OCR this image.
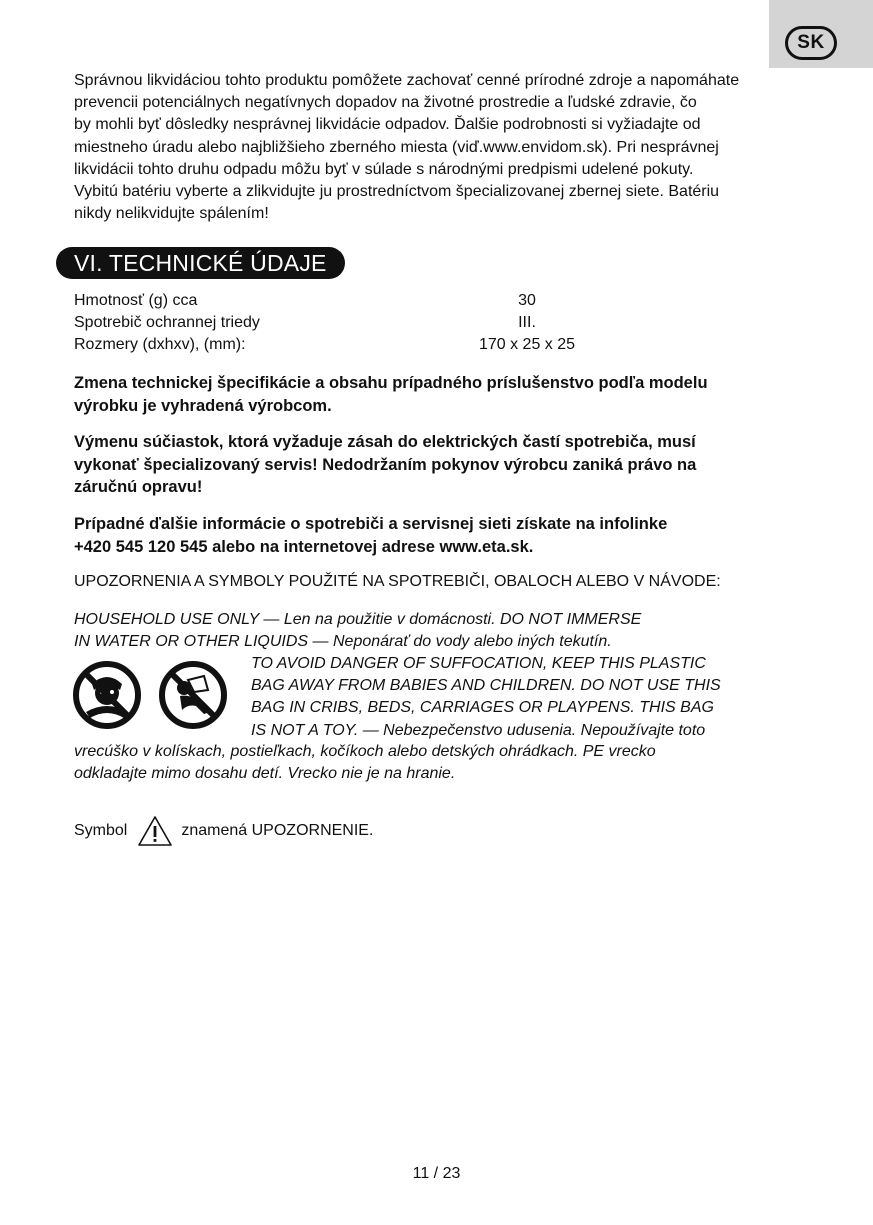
SK
Správnou likvidáciou tohto produktu pomôžete zachovať cenné prírodné zdroje a napomáhate
prevencii potenciálnych negatívnych dopadov na životné prostredie a ľudské zdravie, čo
by mohli byť dôsledky nesprávnej likvidácie odpadov. Ďalšie podrobnosti si vyžiadajte od
miestneho úradu alebo najbližšieho zberného miesta (viď.www.envidom.sk). Pri nesprávnej
likvidácii tohto druhu odpadu môžu byť v súlade s národnými predpismi udelené pokuty.
Vybitú batériu vyberte a zlikvidujte ju prostredníctvom špecializovanej zbernej siete. Batériu
nikdy nelikvidujte spálením!
VI. TECHNICKÉ ÚDAJE
Hmotnosť (g) cca	30
Spotrebič ochrannej triedy	III.
Rozmery (dxhxv), (mm):	170 x 25 x 25
Zmena technickej špecifikácie a obsahu prípadného príslušenstvo podľa modelu
výrobku je vyhradená výrobcom.
Výmenu súčiastok, ktorá vyžaduje zásah do elektrických častí spotrebiča, musí
vykonať špecializovaný servis! Nedodržaním pokynov výrobcu zaniká právo na
záručnú opravu!
Prípadné ďalšie informácie o spotrebiči a servisnej sieti získate na infolinke
+420 545 120 545 alebo na internetovej adrese www.eta.sk.
UPOZORNENIA A SYMBOLY POUŽITÉ NA SPOTREBIČI, OBALOCH ALEBO V NÁVODE:
HOUSEHOLD USE ONLY — Len na použitie v domácnosti. DO NOT IMMERSE
IN WATER OR OTHER LIQUIDS — Neponárať do vody alebo iných tekutín.
TO AVOID DANGER OF SUFFOCATION, KEEP THIS PLASTIC
BAG AWAY FROM BABIES AND CHILDREN. DO NOT USE THIS
BAG IN CRIBS, BEDS, CARRIAGES OR PLAYPENS. THIS BAG
IS NOT A TOY. — Nebezpečenstvo udusenia. Nepoužívajte toto
vrecúško v kolískach, postieľkach, kočíkoch alebo detských ohrádkach. PE vrecko
odkladajte mimo dosahu detí. Vrecko nie je na hranie.
Symbol	znamená UPOZORNENIE.
11 / 23
